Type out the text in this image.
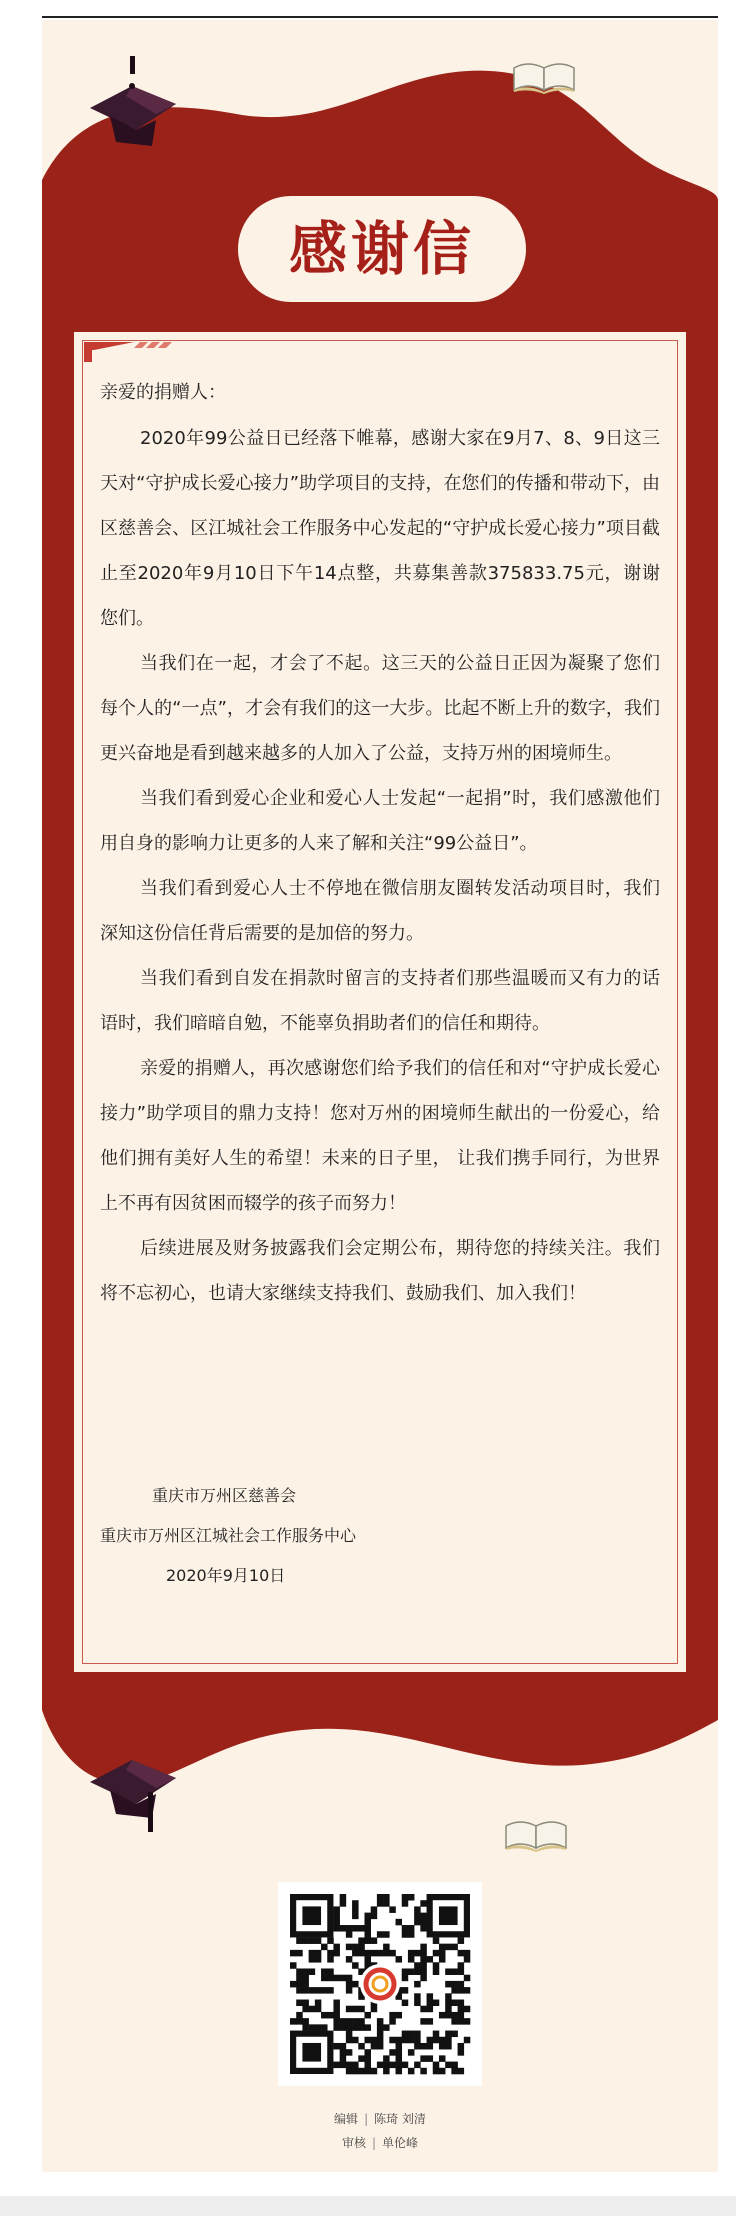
感谢信

亲爱的捐赠人：

2020年99公益日已经落下帷幕，感谢大家在9月7、8、9日这三天对“守护成长爱心接力”助学项目的支持，在您们的传播和带动下，由区慈善会、区江城社会工作服务中心发起的“守护成长爱心接力”项目截止至2020年9月10日下午14点整，共募集善款375833.75元，谢谢您们。

当我们在一起，才会了不起。这三天的公益日正因为凝聚了您们每个人的“一点”，才会有我们的这一大步。比起不断上升的数字，我们更兴奋地是看到越来越多的人加入了公益，支持万州的困境师生。

当我们看到爱心企业和爱心人士发起“一起捐”时，我们感激他们用自身的影响力让更多的人来了解和关注“99公益日”。

当我们看到爱心人士不停地在微信朋友圈转发活动项目时，我们深知这份信任背后需要的是加倍的努力。

当我们看到自发在捐款时留言的支持者们那些温暖而又有力的话语时，我们暗暗自勉，不能辜负捐助者们的信任和期待。

亲爱的捐赠人，再次感谢您们给予我们的信任和对“守护成长爱心接力”助学项目的鼎力支持！您对万州的困境师生献出的一份爱心，给他们拥有美好人生的希望！未来的日子里， 让我们携手同行，为世界上不再有因贫困而辍学的孩子而努力！

后续进展及财务披露我们会定期公布，期待您的持续关注。我们将不忘初心，也请大家继续支持我们、鼓励我们、加入我们！

重庆市万州区慈善会
重庆市万州区江城社会工作服务中心
2020年9月10日
编辑 | 陈琦 刘清
审核 | 单伦峰
